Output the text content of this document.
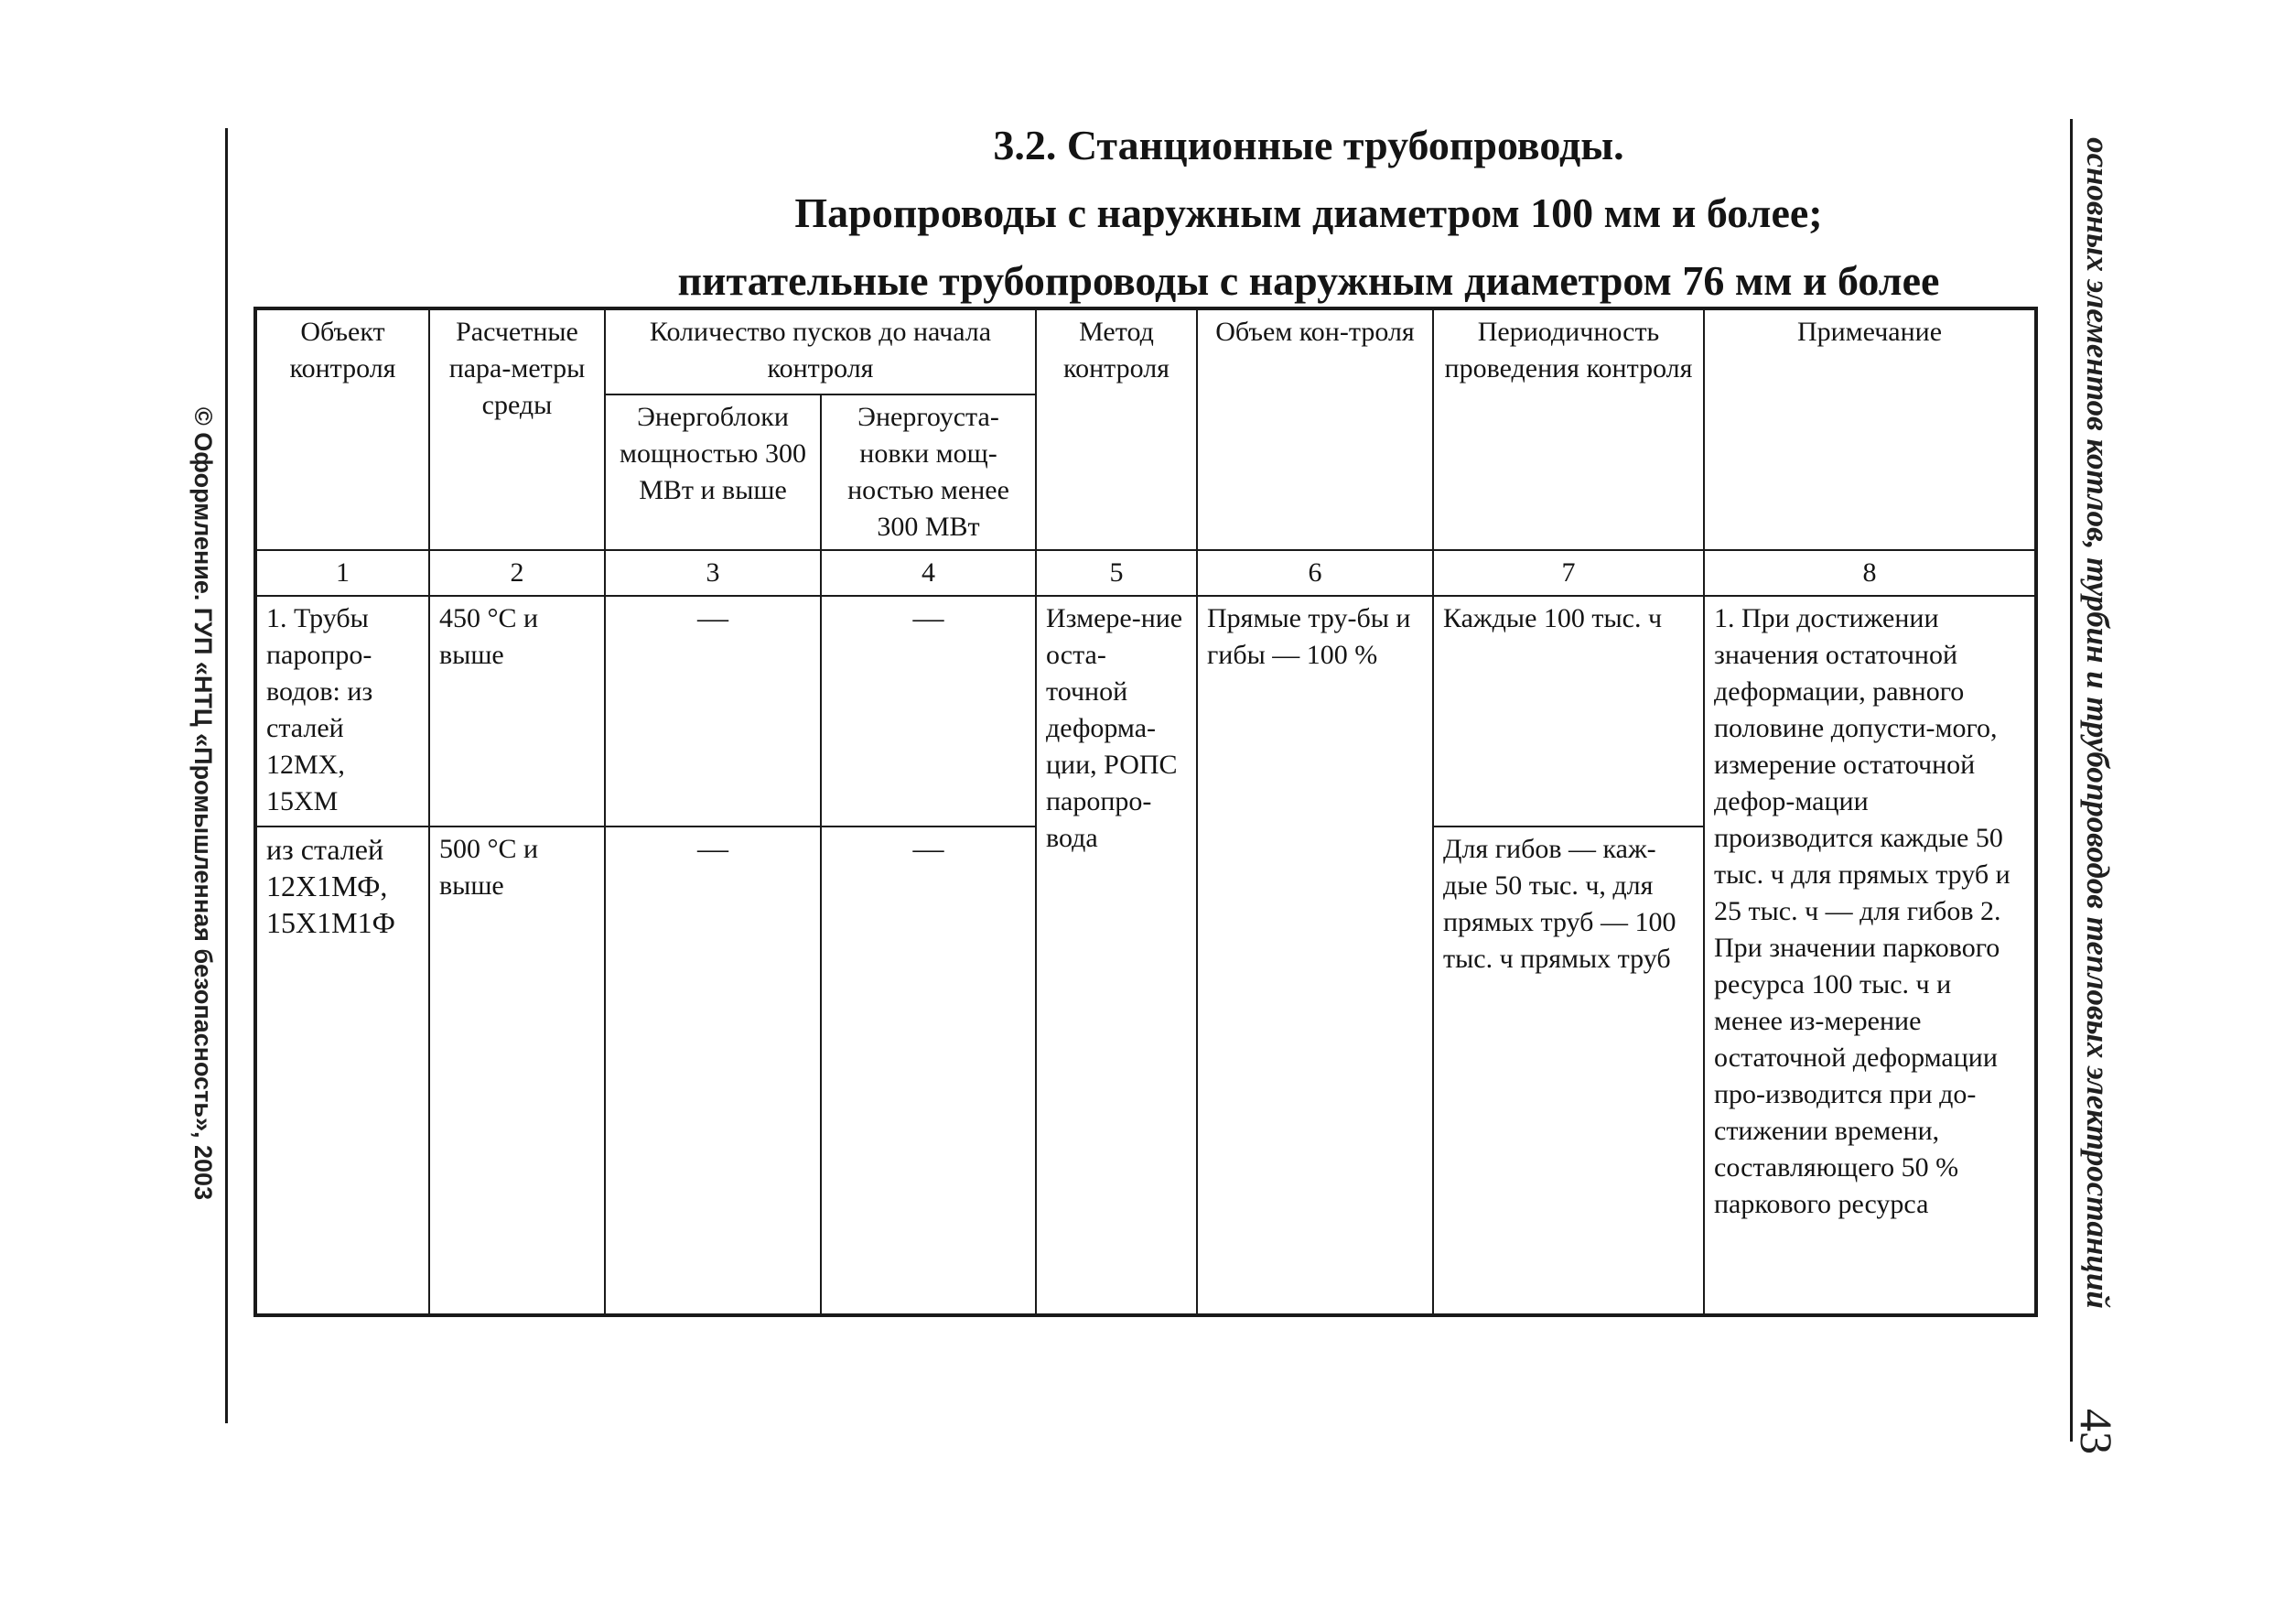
© Оформление. ГУП «НТЦ «Промышленная безопасность», 2003	основных элементов котлов, турбин и трубопроводов тепловых электростанций
43
3.2. Станционные трубопроводы.
Паропроводы с наружным диаметром 100 мм и более;
питательные трубопроводы с наружным диаметром 76 мм и более
Объект контроля	Расчетные пара-метры среды	Количество пусков до начала контроля		Метод контроля	Объем кон-троля	Периодичность проведения контроля	Примечание
		Энергоблоки мощностью 300 МВт и выше	Энергоуста-новки мощ-ностью менее 300 МВт				
1	2	3	4	5	6	7	8
1. Трубы паропро-водов: из сталей 12МХ, 15ХМ	450 °С и выше	—	—	Измере-ние оста-точной деформа-ции, РОПС паропро-вода	Прямые тру-бы и гибы — 100 %	Каждые 100 тыс. ч	1. При достижении значения остаточной деформации, равного половине допусти-мого, измерение остаточной дефор-мации производится каждые 50 тыс. ч для прямых труб и 25 тыс. ч — для гибов 2. При значении паркового ресурса 100 тыс. ч и менее из-мерение остаточной деформации про-изводится при до-стижении времени, составляющего 50 % паркового ресурса
из сталей 12Х1МФ, 15Х1М1Ф	500 °С и выше	—	—			Для гибов — каж-дые 50 тыс. ч, для прямых труб — 100 тыс. ч прямых труб	
